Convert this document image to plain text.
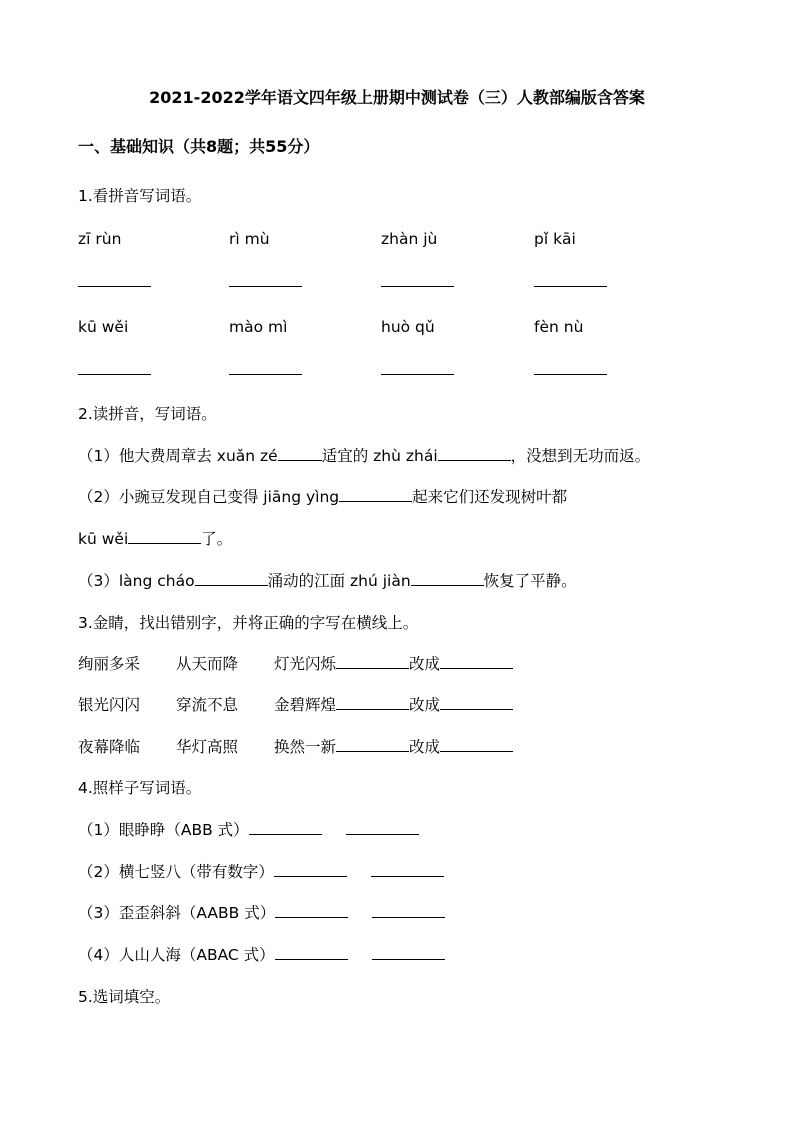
2021-2022学年语文四年级上册期中测试卷（三）人教部编版含答案
一、基础知识（共8题；共55分）
1.看拼音写词语。
zī rùn	rì mù	zhàn jù	pǐ kāi
kū wěi	mào mì	huò qǔ	fèn nù
2.读拼音，写词语。
（1）他大费周章去 xuǎn zé	适宜的 zhù zhái	，没想到无功而返。
（2）小豌豆发现自己变得 jiāng yìng	起来它们还发现树叶都
kū wěi	了。
（3）làng cháo	涌动的江面 zhú jiàn	恢复了平静。
3.金睛，找出错别字，并将正确的字写在横线上。
绚丽多采 从天而降 灯光闪烁	改成
银光闪闪 穿流不息 金碧辉煌	改成
夜幕降临 华灯高照 换然一新	改成
4.照样子写词语。
（1）眼睁睁（ABB 式）
（2）横七竖八（带有数字）
（3）歪歪斜斜（AABB 式）
（4）人山人海（ABAC 式）
5.选词填空。
